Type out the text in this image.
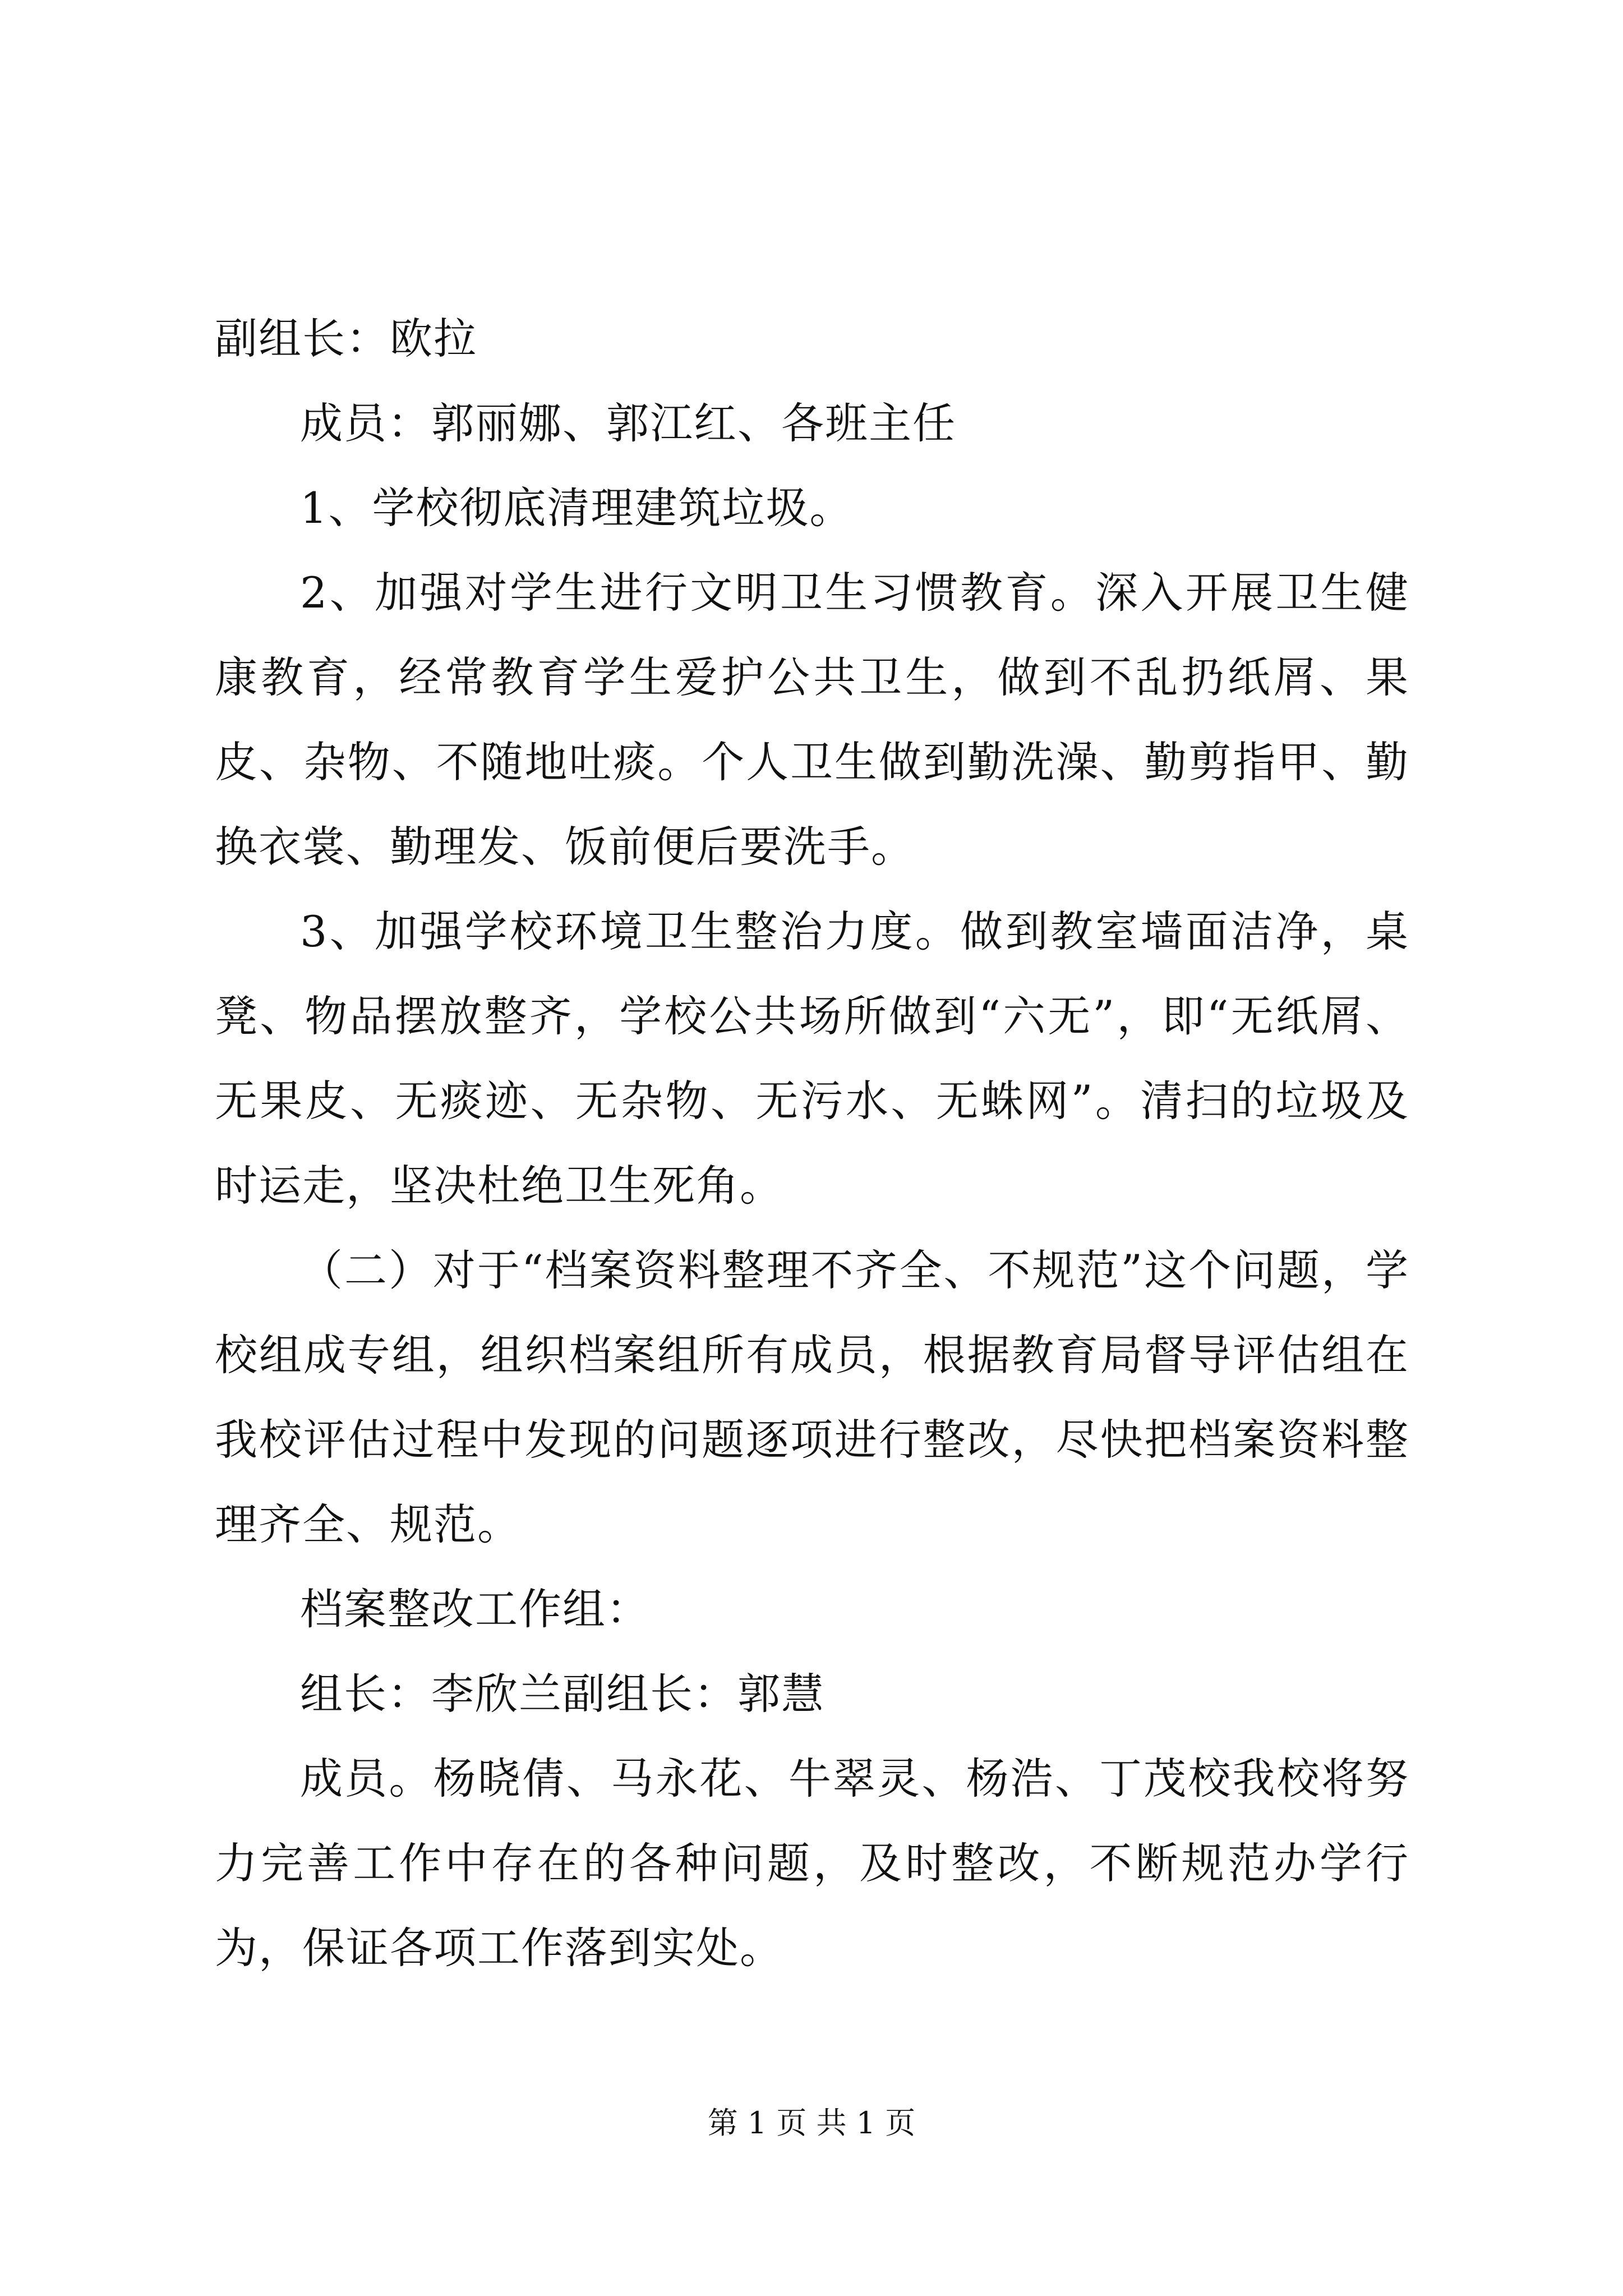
副组长：欧拉

成员：郭丽娜、郭江红、各班主任

1、学校彻底清理建筑垃圾。

2、加强对学生进行文明卫生习惯教育。深入开展卫生健康教育，经常教育学生爱护公共卫生，做到不乱扔纸屑、果皮、杂物、不随地吐痰。个人卫生做到勤洗澡、勤剪指甲、勤换衣裳、勤理发、饭前便后要洗手。

3、加强学校环境卫生整治力度。做到教室墙面洁净，桌凳、物品摆放整齐，学校公共场所做到“六无”，即“无纸屑、无果皮、无痰迹、无杂物、无污水、无蛛网”。清扫的垃圾及时运走，坚决杜绝卫生死角。

（二）对于“档案资料整理不齐全、不规范”这个问题，学校组成专组，组织档案组所有成员，根据教育局督导评估组在我校评估过程中发现的问题逐项进行整改，尽快把档案资料整理齐全、规范。

档案整改工作组：

组长：李欣兰副组长：郭慧

成员。杨晓倩、马永花、牛翠灵、杨浩、丁茂校我校将努力完善工作中存在的各种问题，及时整改，不断规范办学行为，保证各项工作落到实处。

第 1 页 共 1 页
